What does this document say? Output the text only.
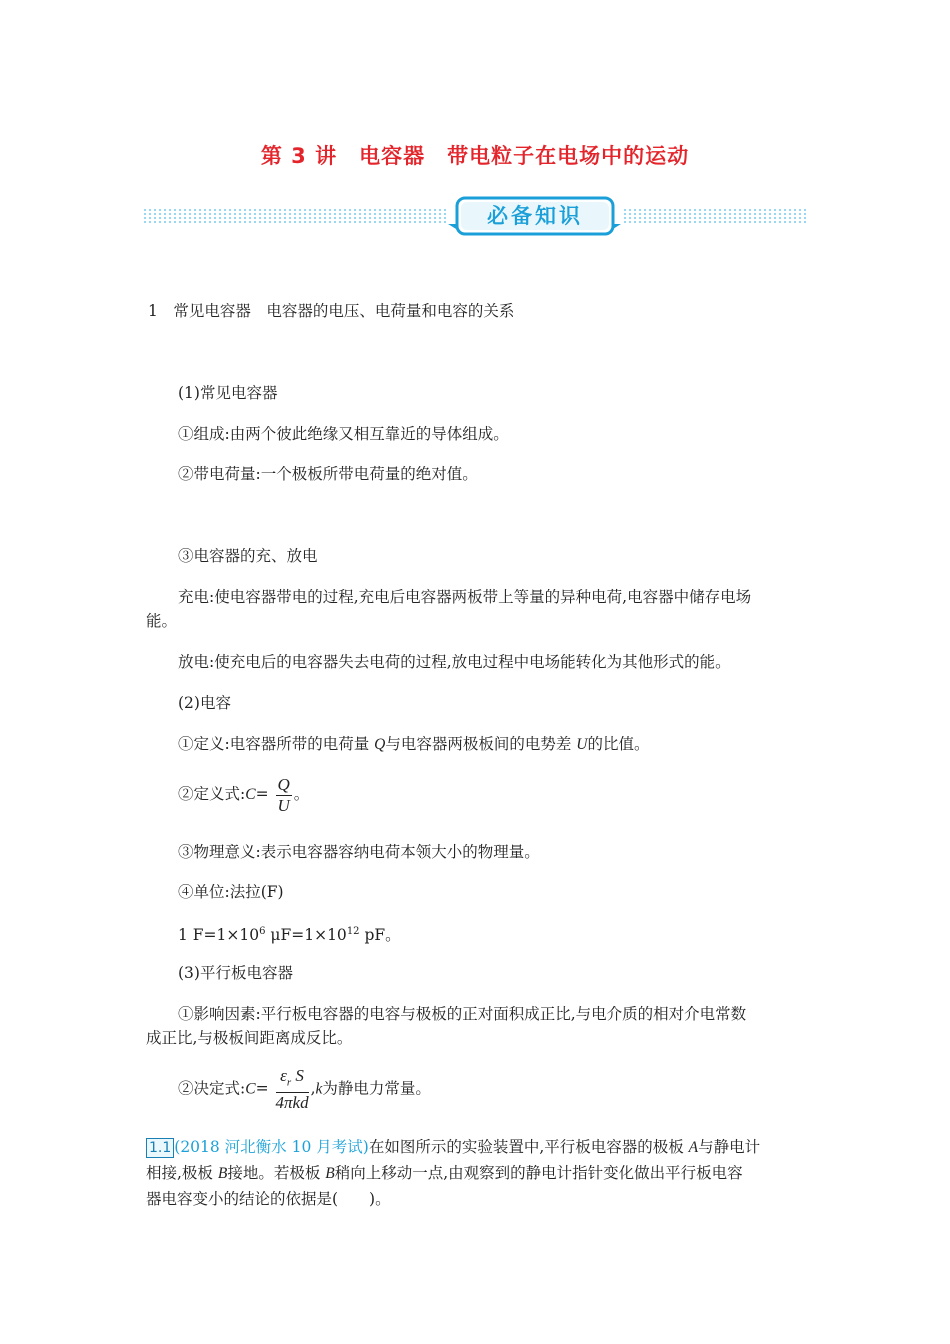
第 3 讲　电容器　带电粒子在电场中的运动
必备知识
1　常见电容器　电容器的电压、电荷量和电容的关系
(1)常见电容器
①组成:由两个彼此绝缘又相互靠近的导体组成。
②带电荷量:一个极板所带电荷量的绝对值。
③电容器的充、放电
充电:使电容器带电的过程,充电后电容器两板带上等量的异种电荷,电容器中储存电场
能。
放电:使充电后的电容器失去电荷的过程,放电过程中电场能转化为其他形式的能。
(2)电容
①定义:电容器所带的电荷量 Q与电容器两极板间的电势差 U的比值。
②定义式:C= $\frac{Q}{U}$ 。
③物理意义:表示电容器容纳电荷本领大小的物理量。
④单位:法拉(F)
1 $F=1\times 10^6$ $\mu F=1\times 10^{12}$ pF。
(3)平行板电容器
①影响因素:平行板电容器的电容与极板的正对面积成正比,与电介质的相对介电常数
成正比,与极板间距离成反比。
②决定式:C= $\frac{\varepsilon_r S}{\text{4πkd}} ,k$为静电力常量。
1.1 (2018 河北衡水 10 月考试)在如图所示的实验装置中,平行板电容器的极板 A与静电计
相接,极板 B接地。若极板 B稍向上移动一点,由观察到的静电计指针变化做出平行板电容
器电容变小的结论的依据是(　　)。
